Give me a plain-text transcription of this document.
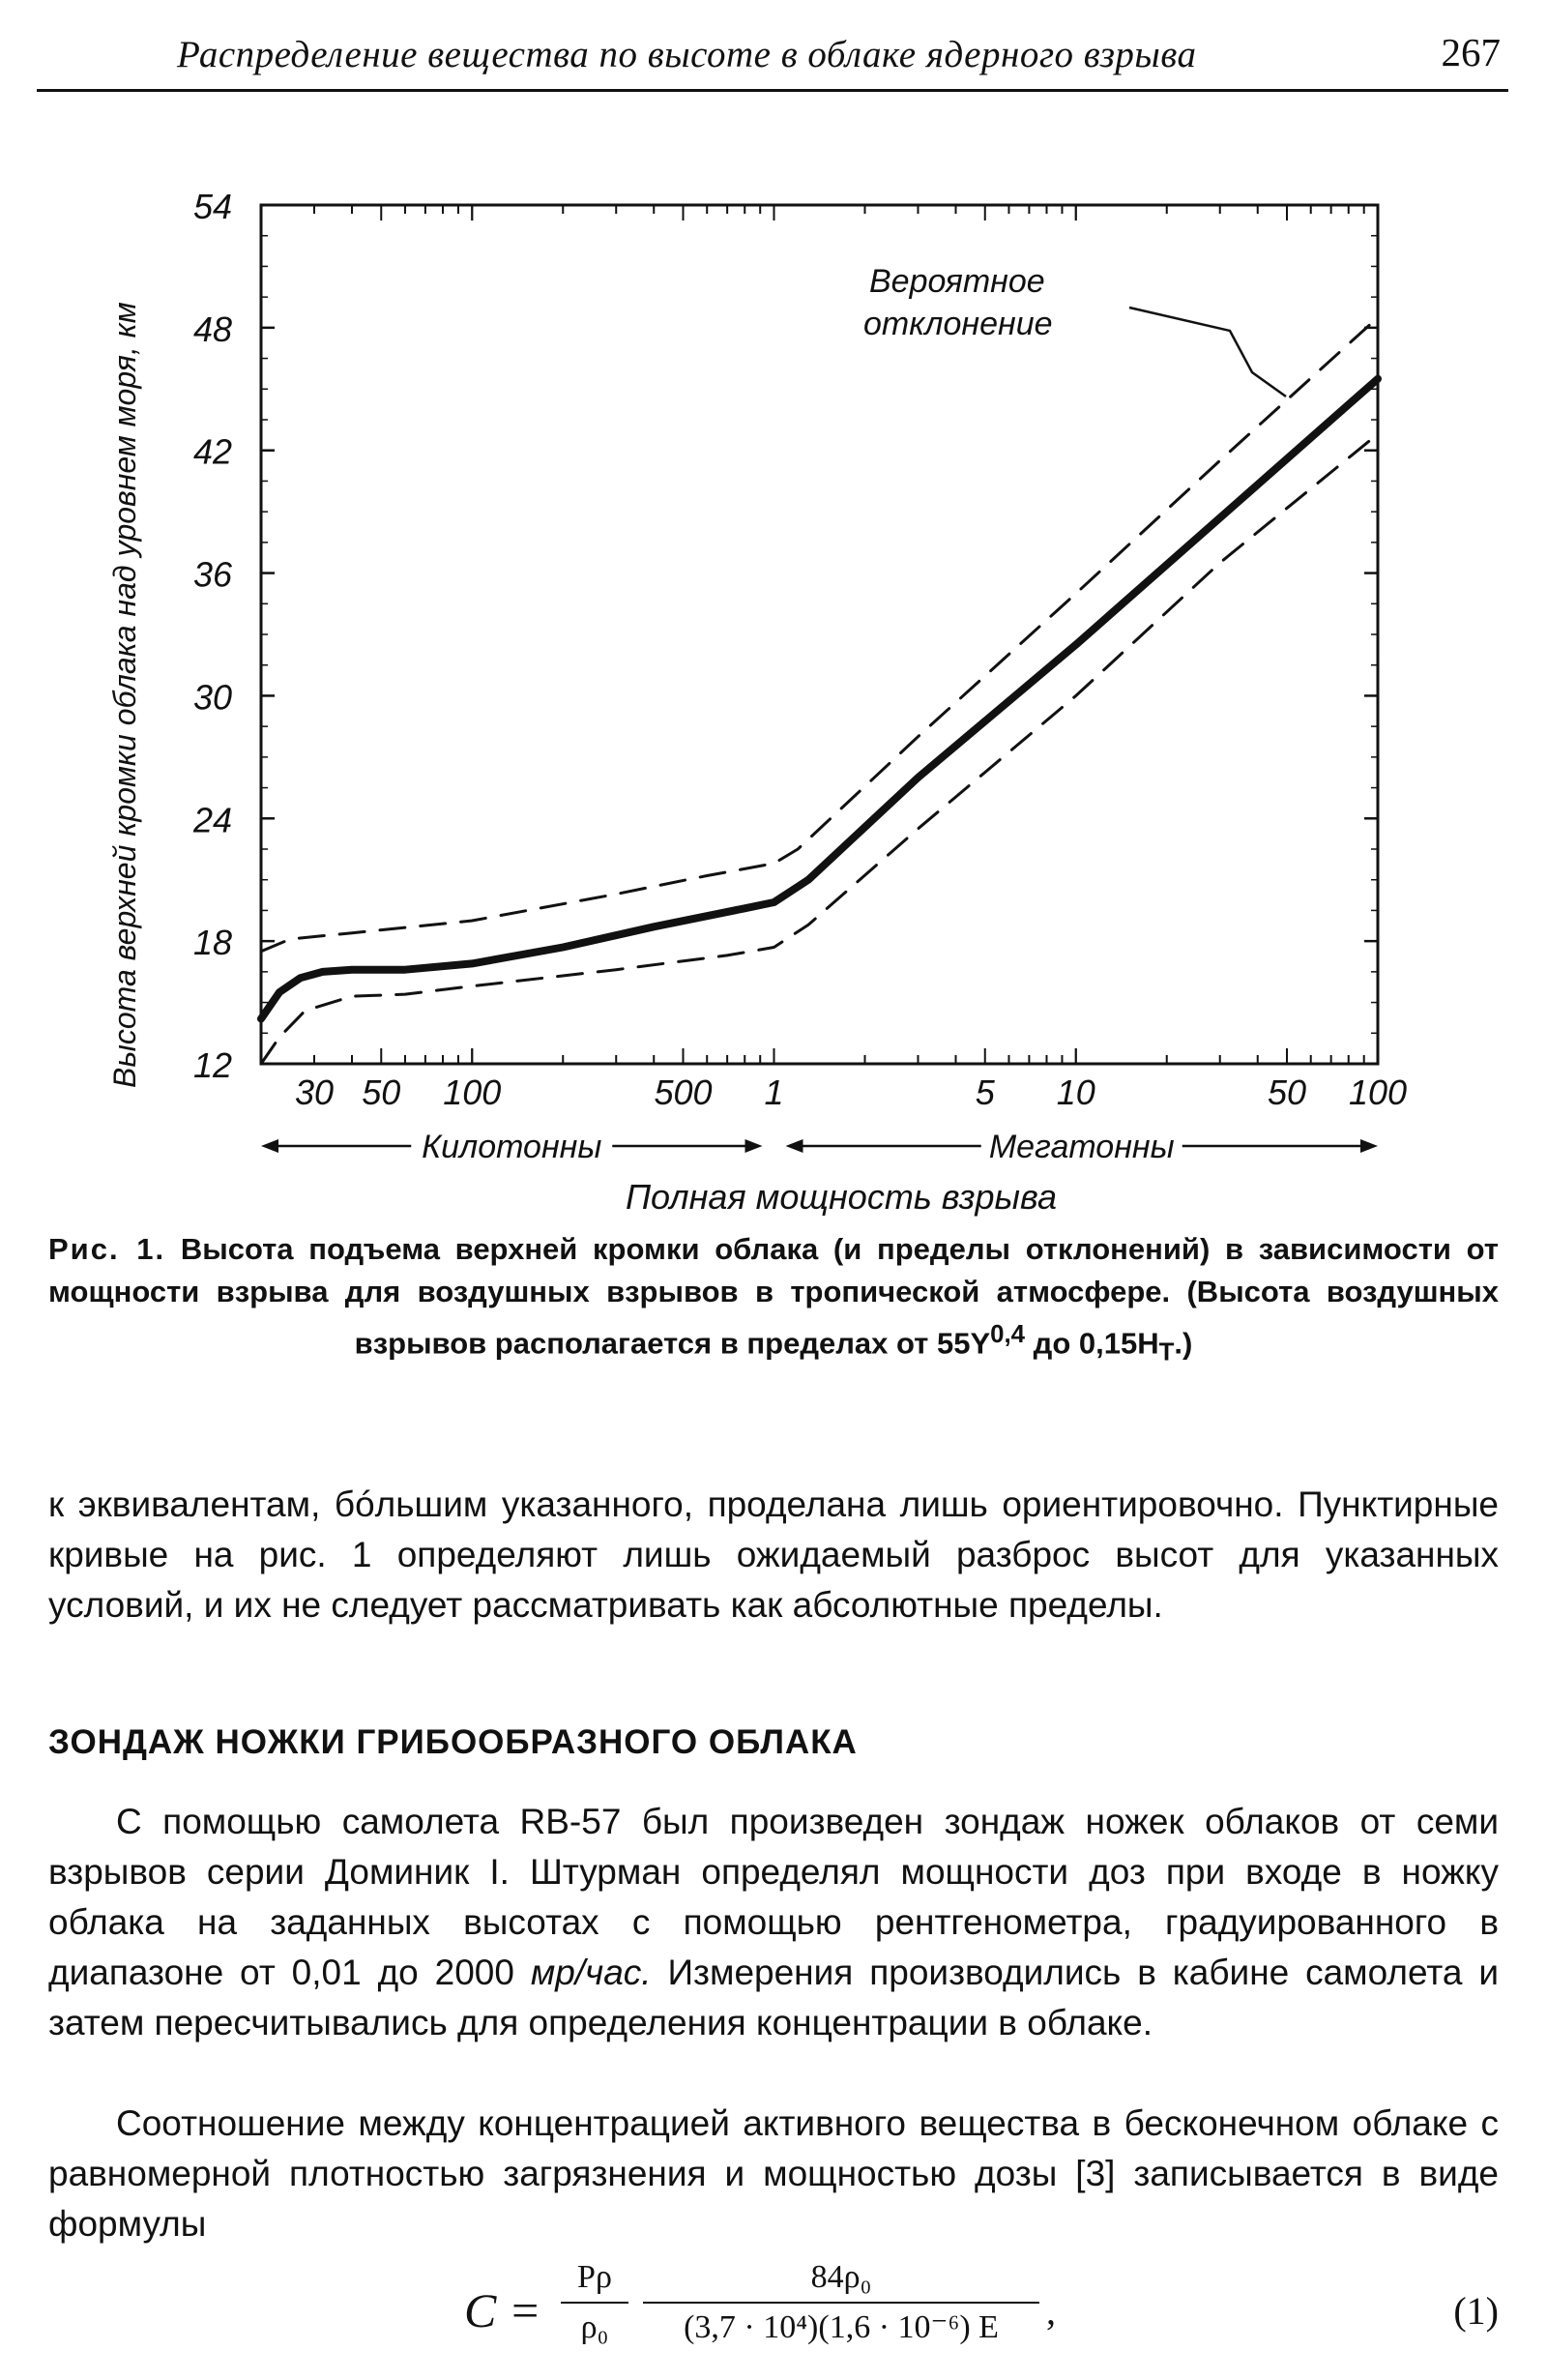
Распределение вещества по высоте в облаке ядерного взрыва	267
12
18
24
30
36
42
48
54
30 50 100	500 1	5 10	50 100
Килотонны	Мегатонны
Высота верхней кромки облака над уровнем моря, км
Полная мощность взрыва
Вероятное
отклонение
Рис. 1. Высота подъема верхней кромки облака (и пределы отклонений) в зависимости от мощности взрыва для воздушных взрывов в тропической атмосфере. (Высота воздушных взрывов располагается в пределах от $55Y^{0,4}$ до $0,15H_T$.)
к эквивалентам, бóльшим указанного, проделана лишь ориентировочно. Пунктирные кривые на рис. 1 определяют лишь ожидаемый разброс высот для указанных условий, и их не следует рассматривать как абсолютные пределы.
ЗОНДАЖ НОЖКИ ГРИБООБРАЗНОГО ОБЛАКА
С помощью самолета RB-57 был произведен зондаж ножек облаков от семи взрывов серии Доминик I. Штурман определял мощности доз при входе в ножку облака на заданных высотах с помощью рентгенометра, градуированного в диапазоне от 0,01 до 2000 мр/час. Измерения производились в кабине самолета и затем пересчитывались для определения концентрации в облаке.
Соотношение между концентрацией активного вещества в бесконечном облаке с равномерной плотностью загрязнения и мощностью дозы [3] записывается в виде формулы
C =
Pρ
ρ₀
84ρ₀
(3,7 · 10⁴)(1,6 · 10⁻⁶) E	,	(1)
